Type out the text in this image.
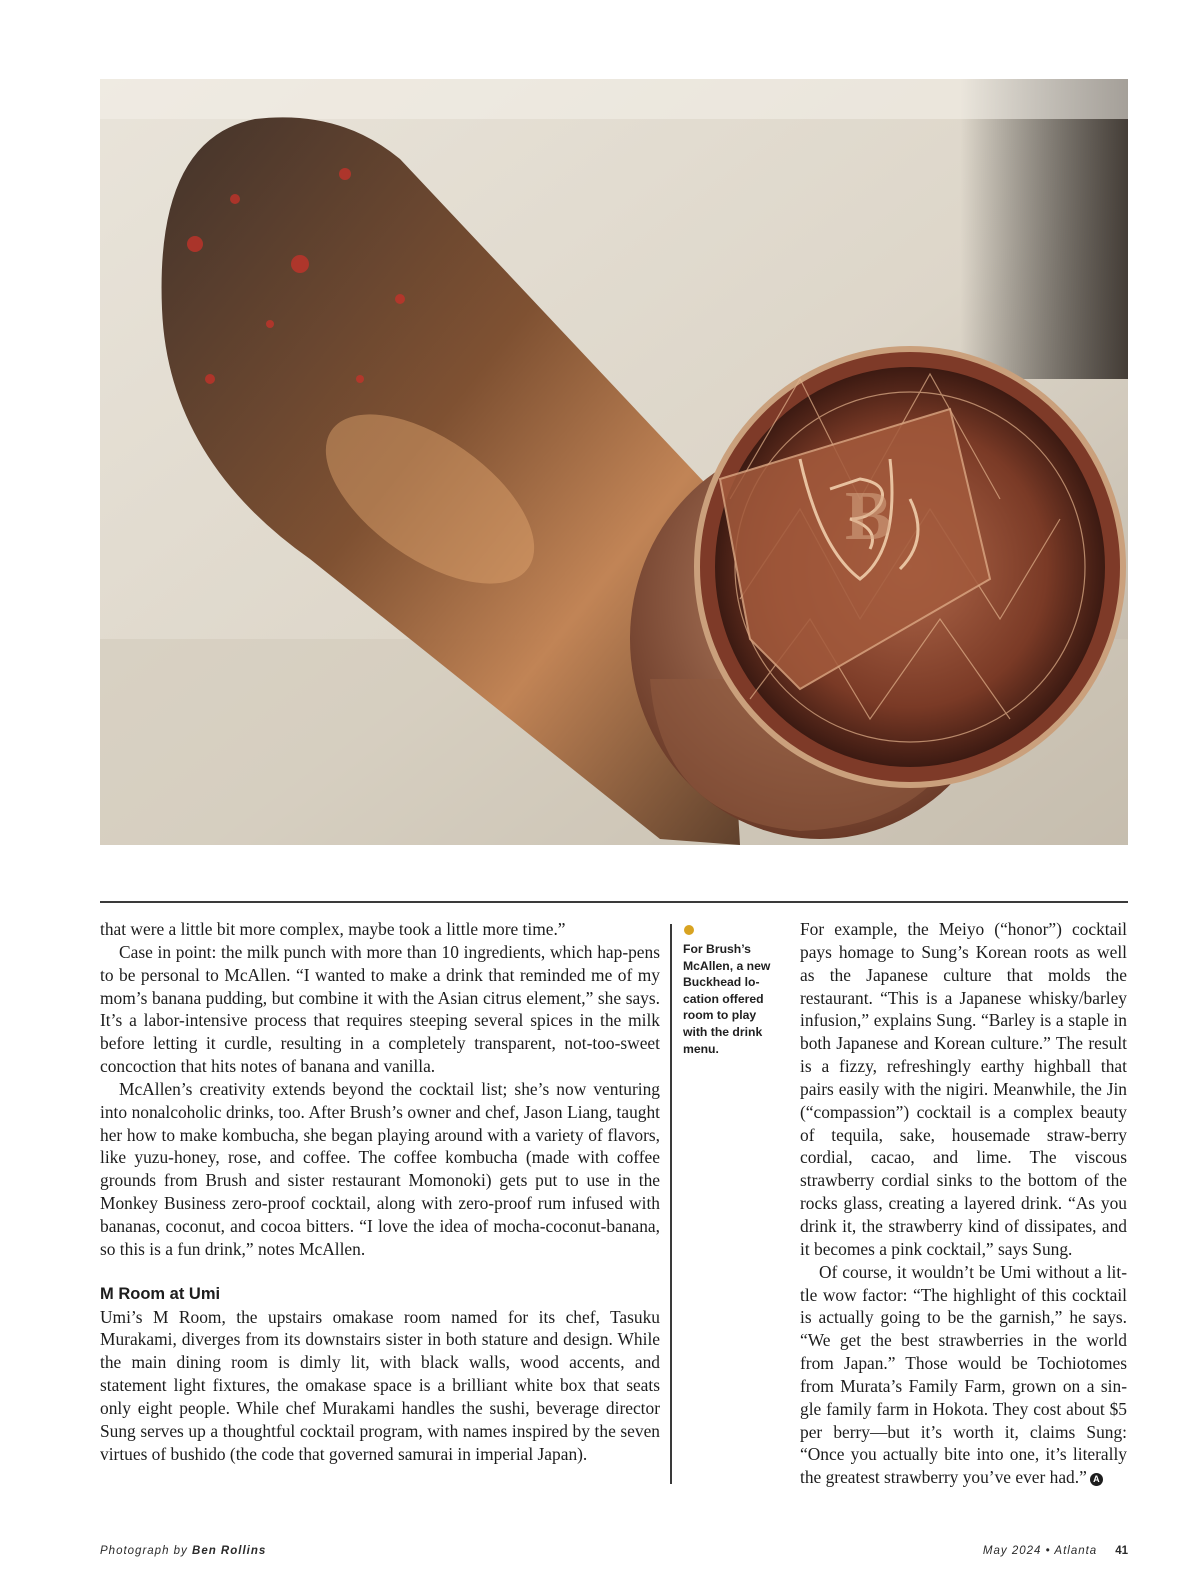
B

that were a little bit more complex, maybe took a little more time.”

Case in point: the milk punch with more than 10 ingredients, which hap-pens to be personal to McAllen. “I wanted to make a drink that reminded me of my mom’s banana pudding, but combine it with the Asian citrus element,” she says. It’s a labor-intensive process that requires steeping several spices in the milk before letting it curdle, resulting in a completely transparent, not-too-sweet concoction that hits notes of banana and vanilla.

McAllen’s creativity extends beyond the cocktail list; she’s now venturing into nonalcoholic drinks, too. After Brush’s owner and chef, Jason Liang, taught her how to make kombucha, she began playing around with a variety of flavors, like yuzu-honey, rose, and coffee. The coffee kombucha (made with coffee grounds from Brush and sister restaurant Momonoki) gets put to use in the Monkey Business zero-proof cocktail, along with zero-proof rum infused with bananas, coconut, and cocoa bitters. “I love the idea of mocha-coconut-banana, so this is a fun drink,” notes McAllen.

M Room at Umi

Umi’s M Room, the upstairs omakase room named for its chef, Tasuku Murakami, diverges from its downstairs sister in both stature and design. While the main dining room is dimly lit, with black walls, wood accents, and statement light fixtures, the omakase space is a brilliant white box that seats only eight people. While chef Murakami handles the sushi, beverage director Sung serves up a thoughtful cocktail program, with names inspired by the seven virtues of bushido (the code that governed samurai in imperial Japan).

For Brush’s McAllen, a new Buckhead lo-cation offered room to play with the drink menu.

For example, the Meiyo (“honor”) cocktail pays homage to Sung’s Korean roots as well as the Japanese culture that molds the restaurant. “This is a Japanese whisky/barley infusion,” explains Sung. “Barley is a staple in both Japanese and Korean culture.” The result is a fizzy, refreshingly earthy highball that pairs easily with the nigiri. Meanwhile, the Jin (“compassion”) cocktail is a complex beauty of tequila, sake, housemade straw-berry cordial, cacao, and lime. The viscous strawberry cordial sinks to the bottom of the rocks glass, creating a layered drink. “As you drink it, the strawberry kind of dissipates, and it becomes a pink cocktail,” says Sung.

Of course, it wouldn’t be Umi without a lit-tle wow factor: “The highlight of this cocktail is actually going to be the garnish,” he says. “We get the best strawberries in the world from Japan.” Those would be Tochiotomes from Murata’s Family Farm, grown on a sin-gle family farm in Hokota. They cost about $5 per berry—but it’s worth it, claims Sung: “Once you actually bite into one, it’s literally the greatest strawberry you’ve ever had.” A

Photograph by Ben Rollins	May 2024 • Atlanta 41
